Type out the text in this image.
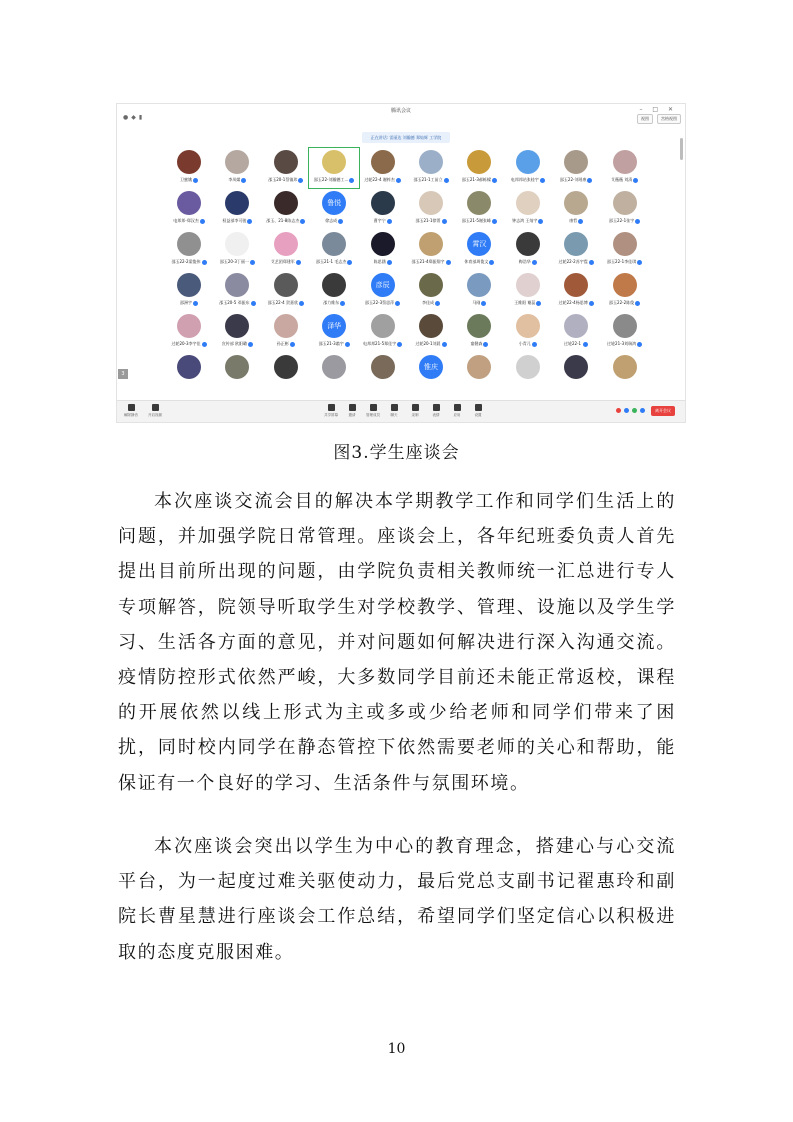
腾讯会议	– □ ✕
●◆▮	视图	宫格视图
正在讲话: 雷丽达 刘瀚德 郑灿辉 工学院
3
卫蜜娥	李凤嫦	邵玉20-1蔡镇玮	邵玉22-刘瀚德工…	过轮22-4 谢梓杰	邵玉21-1工苗立	邵玉21-3郝栋樑	电邦邦站张桂宇	邵玉22-刘瑶康	艾薇薇 刘清
电邦邦-郑汉杰	权益部李可骏	邵玉、21-8陈志杰
鲁悦
徐志成	曹宇宁	邵玉21-1徐菁	邵玉21-5谢张峰	钟志鸿 王灿宇	康哲	邵玉22-1张宇
邵玉22-2梁俊伟	邵玉20-3丁丽一	艾艺团郑建军	邵玉21-1 毛志杰	陈思涵	邵玉21-4郑振翔宇
霄汉
休育部周俊文	梅浩华	过轮22-2苏宇霆	邵玉22-1李佳琪
邵洲宇	邵玉20-5 邓振东	邵玉22-4 贺嘉欣	邵力维东
彦辰
邵玉22-3蔡思萍	李佳成	马刚	王维阳 谢蕊	过轮22-4杨思博	邵玉22-2陈俊
过轮20-3李宇佳	宣传部 欧阳璐	孙正彬
泽华
邵玉21-3翁宇	电邦邦21-5郑佳宇	过轮20-1刘晨	童健森	小青儿	过轮22-1	过轮21-3刘瑞鸿
惟庆
离开会议
解除静音	开启视频	共享屏幕	邀请	管理成员	聊天	录制	表情	应用	设置
图3.学生座谈会

本次座谈交流会目的解决本学期教学工作和同学们生活上的问题，并加强学院日常管理。座谈会上，各年纪班委负责人首先提出目前所出现的问题，由学院负责相关教师统一汇总进行专人专项解答，院领导听取学生对学校教学、管理、设施以及学生学习、生活各方面的意见，并对问题如何解决进行深入沟通交流。疫情防控形式依然严峻，大多数同学目前还未能正常返校，课程的开展依然以线上形式为主或多或少给老师和同学们带来了困扰，同时校内同学在静态管控下依然需要老师的关心和帮助，能保证有一个良好的学习、生活条件与氛围环境。

本次座谈会突出以学生为中心的教育理念，搭建心与心交流平台，为一起度过难关驱使动力，最后党总支副书记翟惠玲和副院长曹星慧进行座谈会工作总结，希望同学们坚定信心以积极进取的态度克服困难。

10
